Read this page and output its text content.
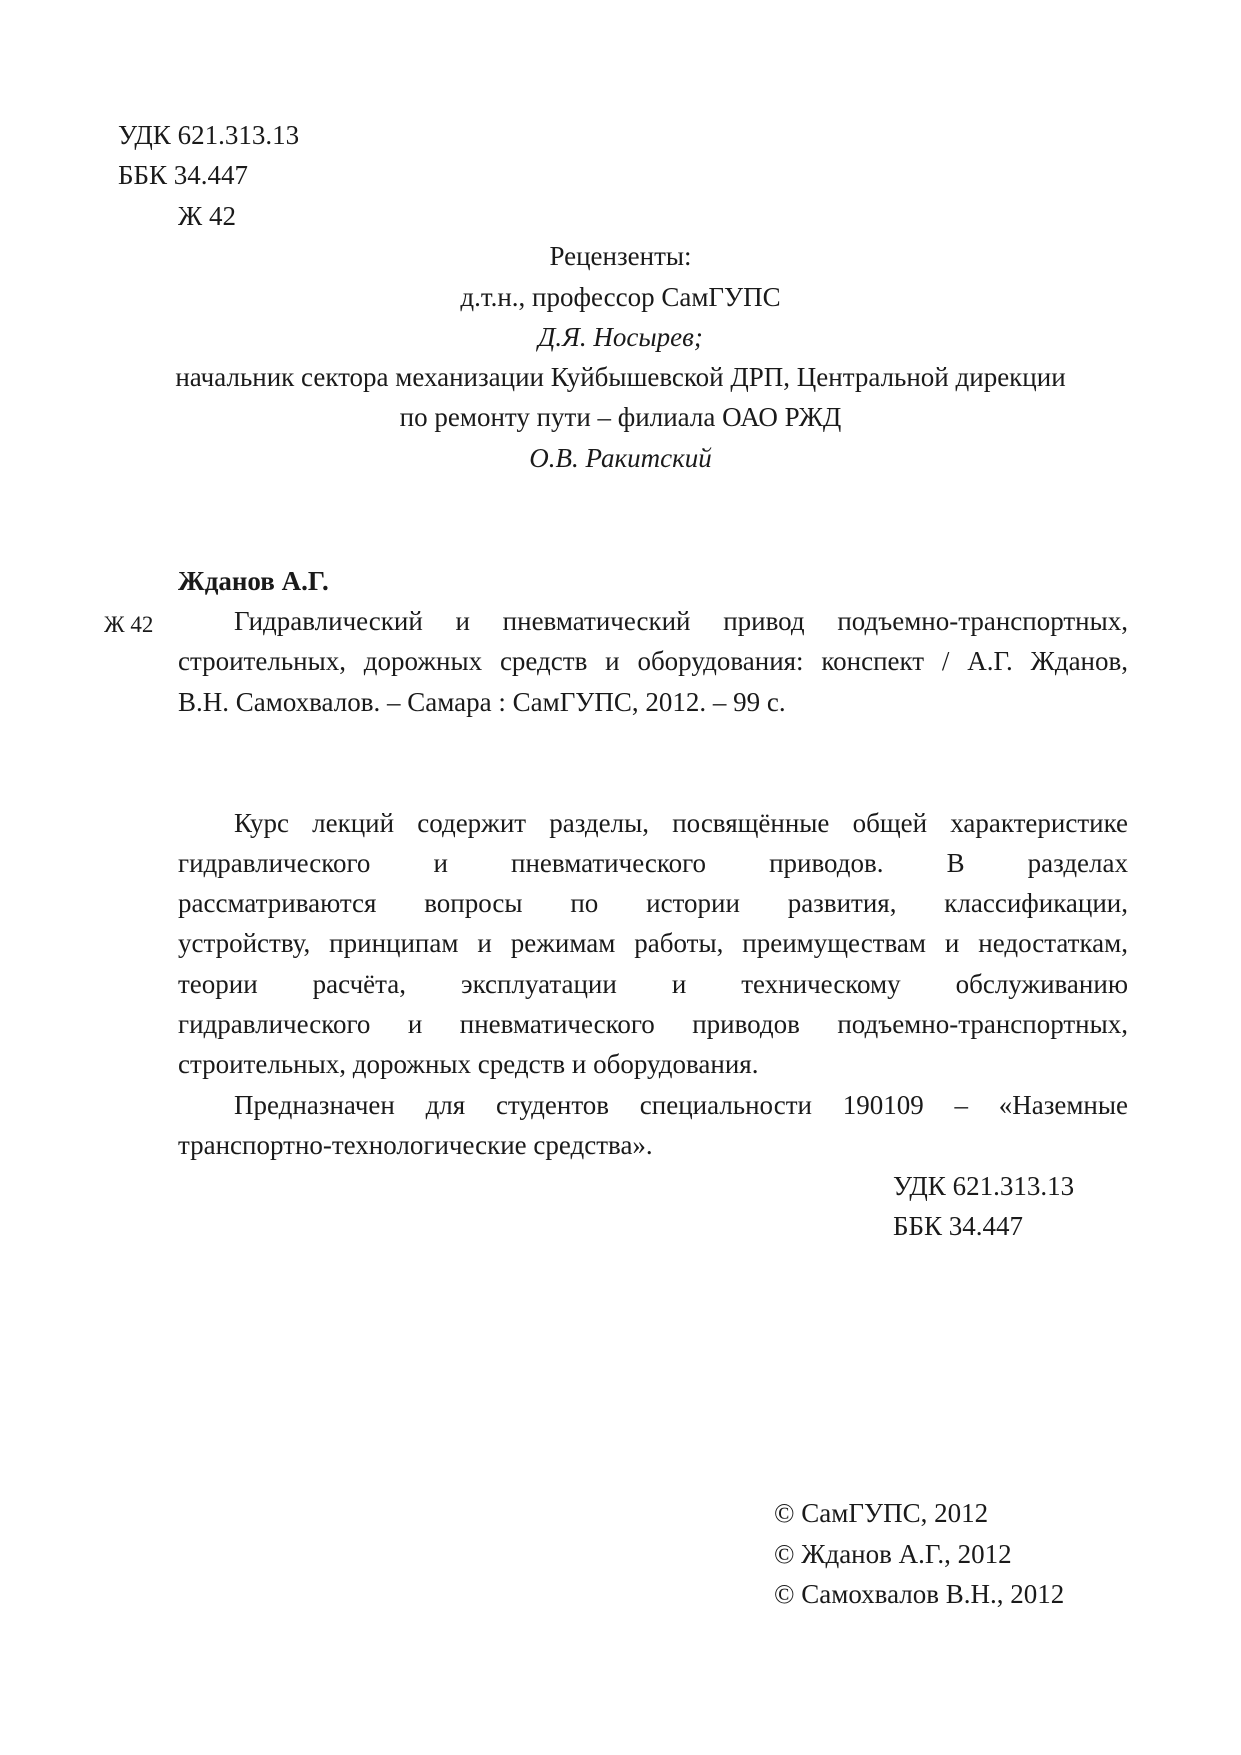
УДК 621.313.13
ББК 34.447
Ж 42
Рецензенты:
д.т.н., профессор СамГУПС
Д.Я. Носырев;
начальник сектора механизации Куйбышевской ДРП, Центральной дирекции
по ремонту пути – филиала ОАО РЖД
О.В. Ракитский
Жданов А.Г.
Ж 42	Гидравлический и пневматический привод подъемно-транспортных,
строительных, дорожных средств и оборудования: конспект / А.Г. Жданов,
В.Н. Самохвалов. – Самара : СамГУПС, 2012. – 99 с.
Курс лекций содержит разделы, посвящённые общей характеристике
гидравлического и пневматического приводов. В разделах
рассматриваются вопросы по истории развития, классификации,
устройству, принципам и режимам работы, преимуществам и недостаткам,
теории расчёта, эксплуатации и техническому обслуживанию
гидравлического и пневматического приводов подъемно-транспортных,
строительных, дорожных средств и оборудования.
Предназначен для студентов специальности 190109 – «Наземные
транспортно-технологические средства».
УДК 621.313.13
ББК 34.447
© СамГУПС, 2012
© Жданов А.Г., 2012
© Самохвалов В.Н., 2012
